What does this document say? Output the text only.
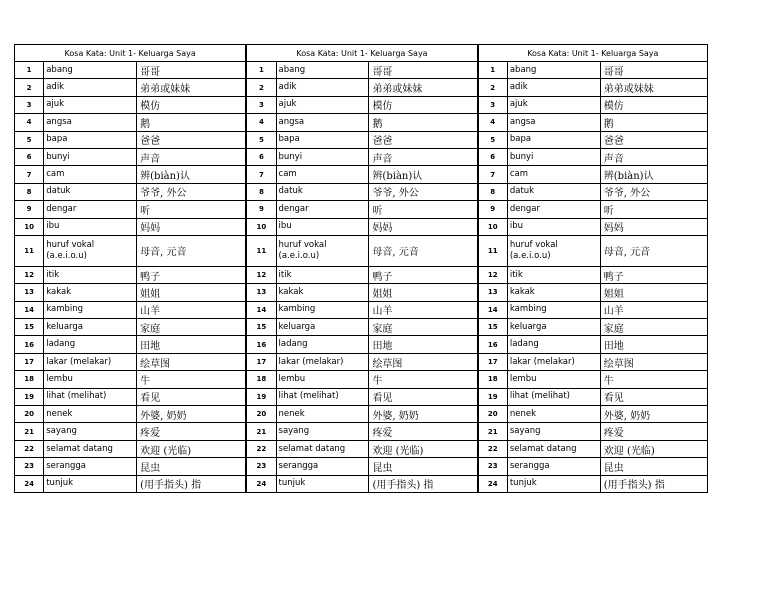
Kosa Kata: Unit 1- Keluarga Saya		
1	abang	哥哥
2	adik	弟弟或妹妹
3	ajuk	模仿
4	angsa	鹅
5	bapa	爸爸
6	bunyi	声音
7	cam	辨(biàn)认
8	datuk	爷爷, 外公
9	dengar	听
10	ibu	妈妈
11	huruf vokal (a.e.i.o.u)	母音, 元音
12	itik	鸭子
13	kakak	姐姐
14	kambing	山羊
15	keluarga	家庭
16	ladang	田地
17	lakar (melakar)	绘草图
18	lembu	牛
19	lihat (melihat)	看见
20	nenek	外婆, 奶奶
21	sayang	疼爱
22	selamat datang	欢迎 (光临)
23	serangga	昆虫
24	tunjuk	(用手指头) 指
Kosa Kata: Unit 1- Keluarga Saya		
1	abang	哥哥
2	adik	弟弟或妹妹
3	ajuk	模仿
4	angsa	鹅
5	bapa	爸爸
6	bunyi	声音
7	cam	辨(biàn)认
8	datuk	爷爷, 外公
9	dengar	听
10	ibu	妈妈
11	huruf vokal (a.e.i.o.u)	母音, 元音
12	itik	鸭子
13	kakak	姐姐
14	kambing	山羊
15	keluarga	家庭
16	ladang	田地
17	lakar (melakar)	绘草图
18	lembu	牛
19	lihat (melihat)	看见
20	nenek	外婆, 奶奶
21	sayang	疼爱
22	selamat datang	欢迎 (光临)
23	serangga	昆虫
24	tunjuk	(用手指头) 指
Kosa Kata: Unit 1- Keluarga Saya		
1	abang	哥哥
2	adik	弟弟或妹妹
3	ajuk	模仿
4	angsa	鹅
5	bapa	爸爸
6	bunyi	声音
7	cam	辨(biàn)认
8	datuk	爷爷, 外公
9	dengar	听
10	ibu	妈妈
11	huruf vokal (a.e.i.o.u)	母音, 元音
12	itik	鸭子
13	kakak	姐姐
14	kambing	山羊
15	keluarga	家庭
16	ladang	田地
17	lakar (melakar)	绘草图
18	lembu	牛
19	lihat (melihat)	看见
20	nenek	外婆, 奶奶
21	sayang	疼爱
22	selamat datang	欢迎 (光临)
23	serangga	昆虫
24	tunjuk	(用手指头) 指
